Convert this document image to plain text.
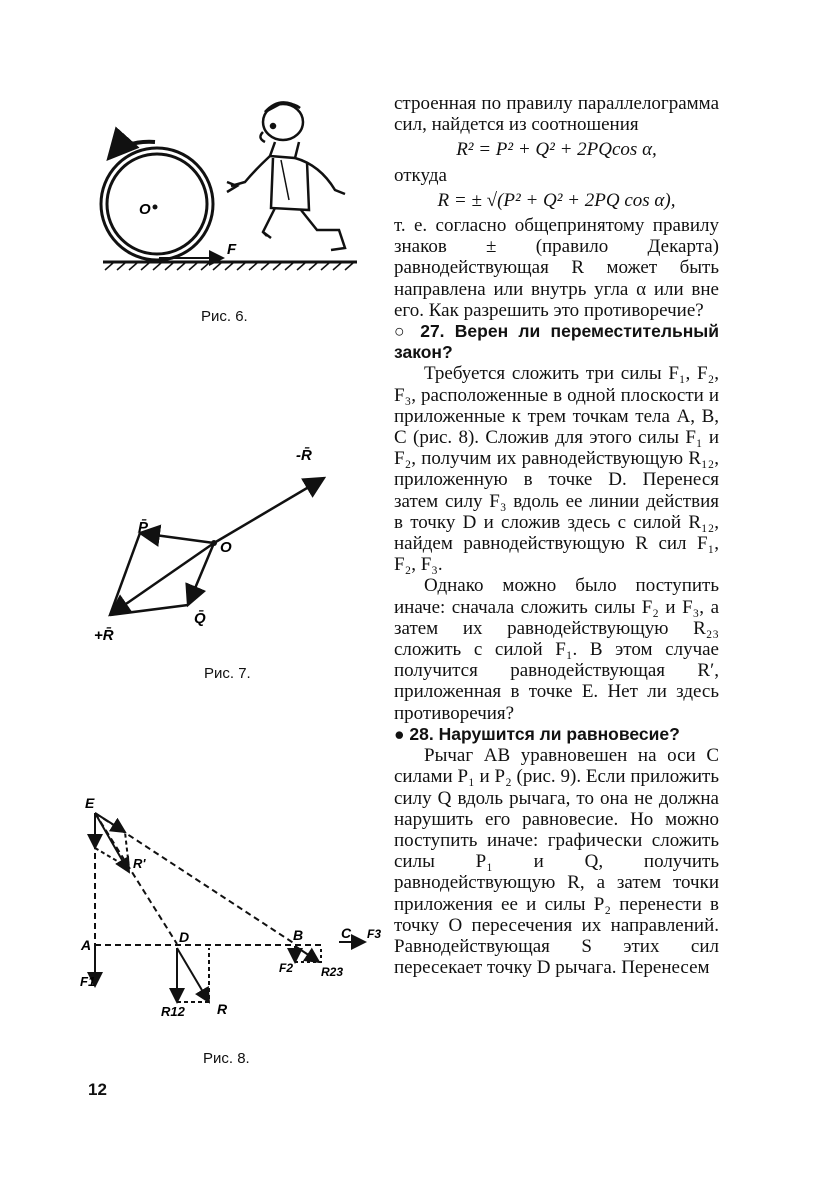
O
F
Рис. 6.
-R̄
P̄
O
Q̄
+R̄
Рис. 7.
E
A	D	B	C
F1
F2
F3
R12 R
R23
R'
Рис. 8.

строенная по правилу параллелограмма сил, найдется из соотношения

R² = P² + Q² + 2PQcos α,

откуда

R = ± √(P² + Q² + 2PQ cos α),

т. е. согласно общепринятому правилу знаков ± (правило Декарта) равнодействующая R может быть направлена или внутрь угла α или вне его. Как разрешить это противоречие?

○ 27. Верен ли переместительный закон?

Требуется сложить три силы F₁, F₂, F₃, расположенные в одной плоскости и приложенные к трем точкам тела A, B, C (рис. 8). Сложив для этого силы F₁ и F₂, получим их равнодействующую R₁₂, приложенную в точке D. Перенеся затем силу F₃ вдоль ее линии действия в точку D и сложив здесь с силой R₁₂, найдем равнодействующую R сил F₁, F₂, F₃.

Однако можно было поступить иначе: сначала сложить силы F₂ и F₃, а затем их равнодействующую R₂₃ сложить с силой F₁. В этом случае получится равнодействующая R′, приложенная в точке E. Нет ли здесь противоречия?

● 28. Нарушится ли равновесие?

Рычаг AB уравновешен на оси C силами P₁ и P₂ (рис. 9). Если приложить силу Q вдоль рычага, то она не должна нарушить его равновесие. Но можно поступить иначе: графически сложить силы P₁ и Q, получить равнодействующую R, а затем точки приложения ее и силы P₂ перенести в точку O пересечения их направлений. Равнодействующая S этих сил пересекает точку D рычага. Перенесем

12
